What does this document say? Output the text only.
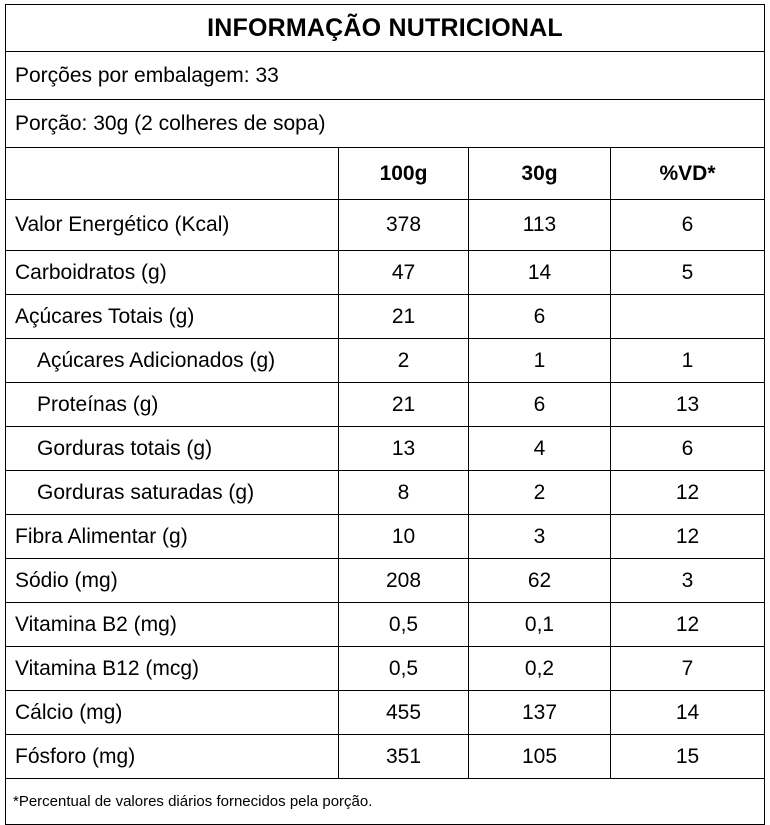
INFORMAÇÃO NUTRICIONAL			
Porções por embalagem: 33			
Porção: 30g (2 colheres de sopa)			
	100g	30g	%VD*
Valor Energético (Kcal)	378	113	6
Carboidratos (g)	47	14	5
Açúcares Totais (g)	21	6	
Açúcares Adicionados (g)	2	1	1
Proteínas (g)	21	6	13
Gorduras totais (g)	13	4	6
Gorduras saturadas (g)	8	2	12
Fibra Alimentar (g)	10	3	12
Sódio (mg)	208	62	3
Vitamina B2 (mg)	0,5	0,1	12
Vitamina B12 (mcg)	0,5	0,2	7
Cálcio (mg)	455	137	14
Fósforo (mg)	351	105	15
*Percentual de valores diários fornecidos pela porção.			
